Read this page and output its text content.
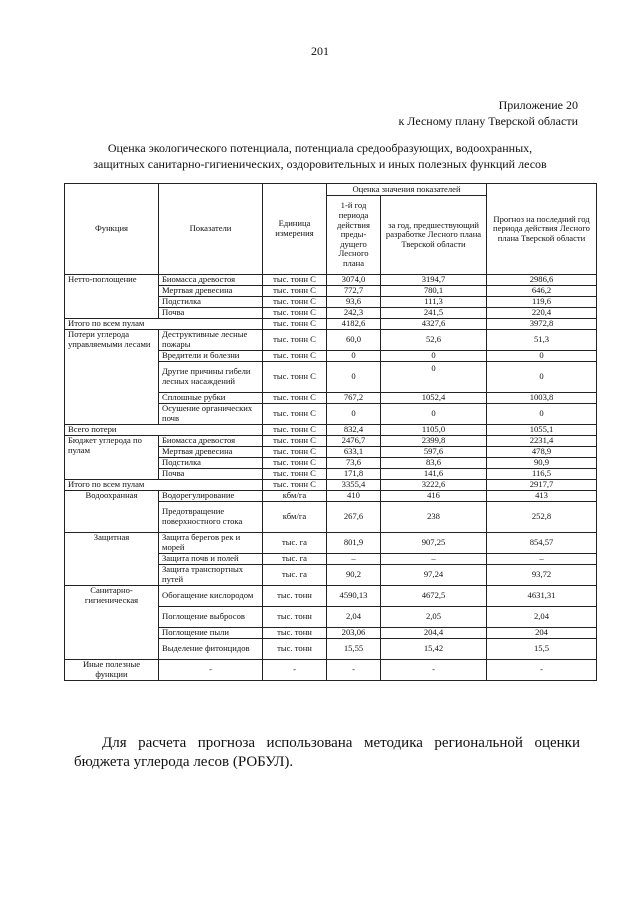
201
Приложение 20
к Лесному плану Тверской области
Оценка экологического потенциала, потенциала средообразующих, водоохранных,
защитных санитарно-гигиенических, оздоровительных и иных полезных функций лесов
Функция	Показатели	Единица измерения	Оценка значения показателей		Прогноз на последний год периода действия Лесного плана Тверской области
			1-й год периода действия преды-дущего Лесного плана	за год, предшествующий разработке Лесного плана Тверской области	
Нетто-поглощение	Биомасса древостоя	тыс. тонн С	3074,0	3194,7	2986,6
	Мертвая древесина	тыс. тонн С	772,7	780,1	646,2
	Подстилка	тыс. тонн С	93,6	111,3	119,6
	Почва	тыс. тонн С	242,3	241,5	220,4
Итого по всем пулам		тыс. тонн С	4182,6	4327,6	3972,8
Потери углерода управляемыми лесами	Деструктивные лесные пожары	тыс. тонн С	60,0	52,6	51,3
	Вредители и болезни	тыс. тонн С	0	0	0
	Другие причины гибели лесных насаждений	тыс. тонн С	0	0	0
	Сплошные рубки	тыс. тонн С	767,2	1052,4	1003,8
	Осушение органических почв	тыс. тонн С	0	0	0
Всего потери		тыс. тонн С	832,4	1105,0	1055,1
Бюджет углерода по пулам	Биомасса древостоя	тыс. тонн С	2476,7	2399,8	2231,4
	Мертвая древесина	тыс. тонн С	633,1	597,6	478,9
	Подстилка	тыс. тонн С	73,6	83,6	90,9
	Почва	тыс. тонн С	171,8	141,6	116,5
Итого по всем пулам		тыс. тонн С	3355,4	3222,6	2917,7
Водоохранная	Водорегулирование	кбм/га	410	416	413
	Предотвращение поверхностного стока	кбм/га	267,6	238	252,8
Защитная	Защита берегов рек и морей	тыс. га	801,9	907,25	854,57
	Защита почв и полей	тыс. га	–	–	–
	Защита транспортных путей	тыс. га	90,2	97,24	93,72
Санитарно-гигиеническая	Обогащение кислородом	тыс. тонн	4590,13	4672,5	4631,31
	Поглощение выбросов	тыс. тонн	2,04	2,05	2,04
	Поглощение пыли	тыс. тонн	203,06	204,4	204
	Выделение фитонцидов	тыс. тонн	15,55	15,42	15,5
Иные полезные функции	-	-	-	-	-
Для расчета прогноза использована методика региональной оценки бюджета углерода лесов (РОБУЛ).
